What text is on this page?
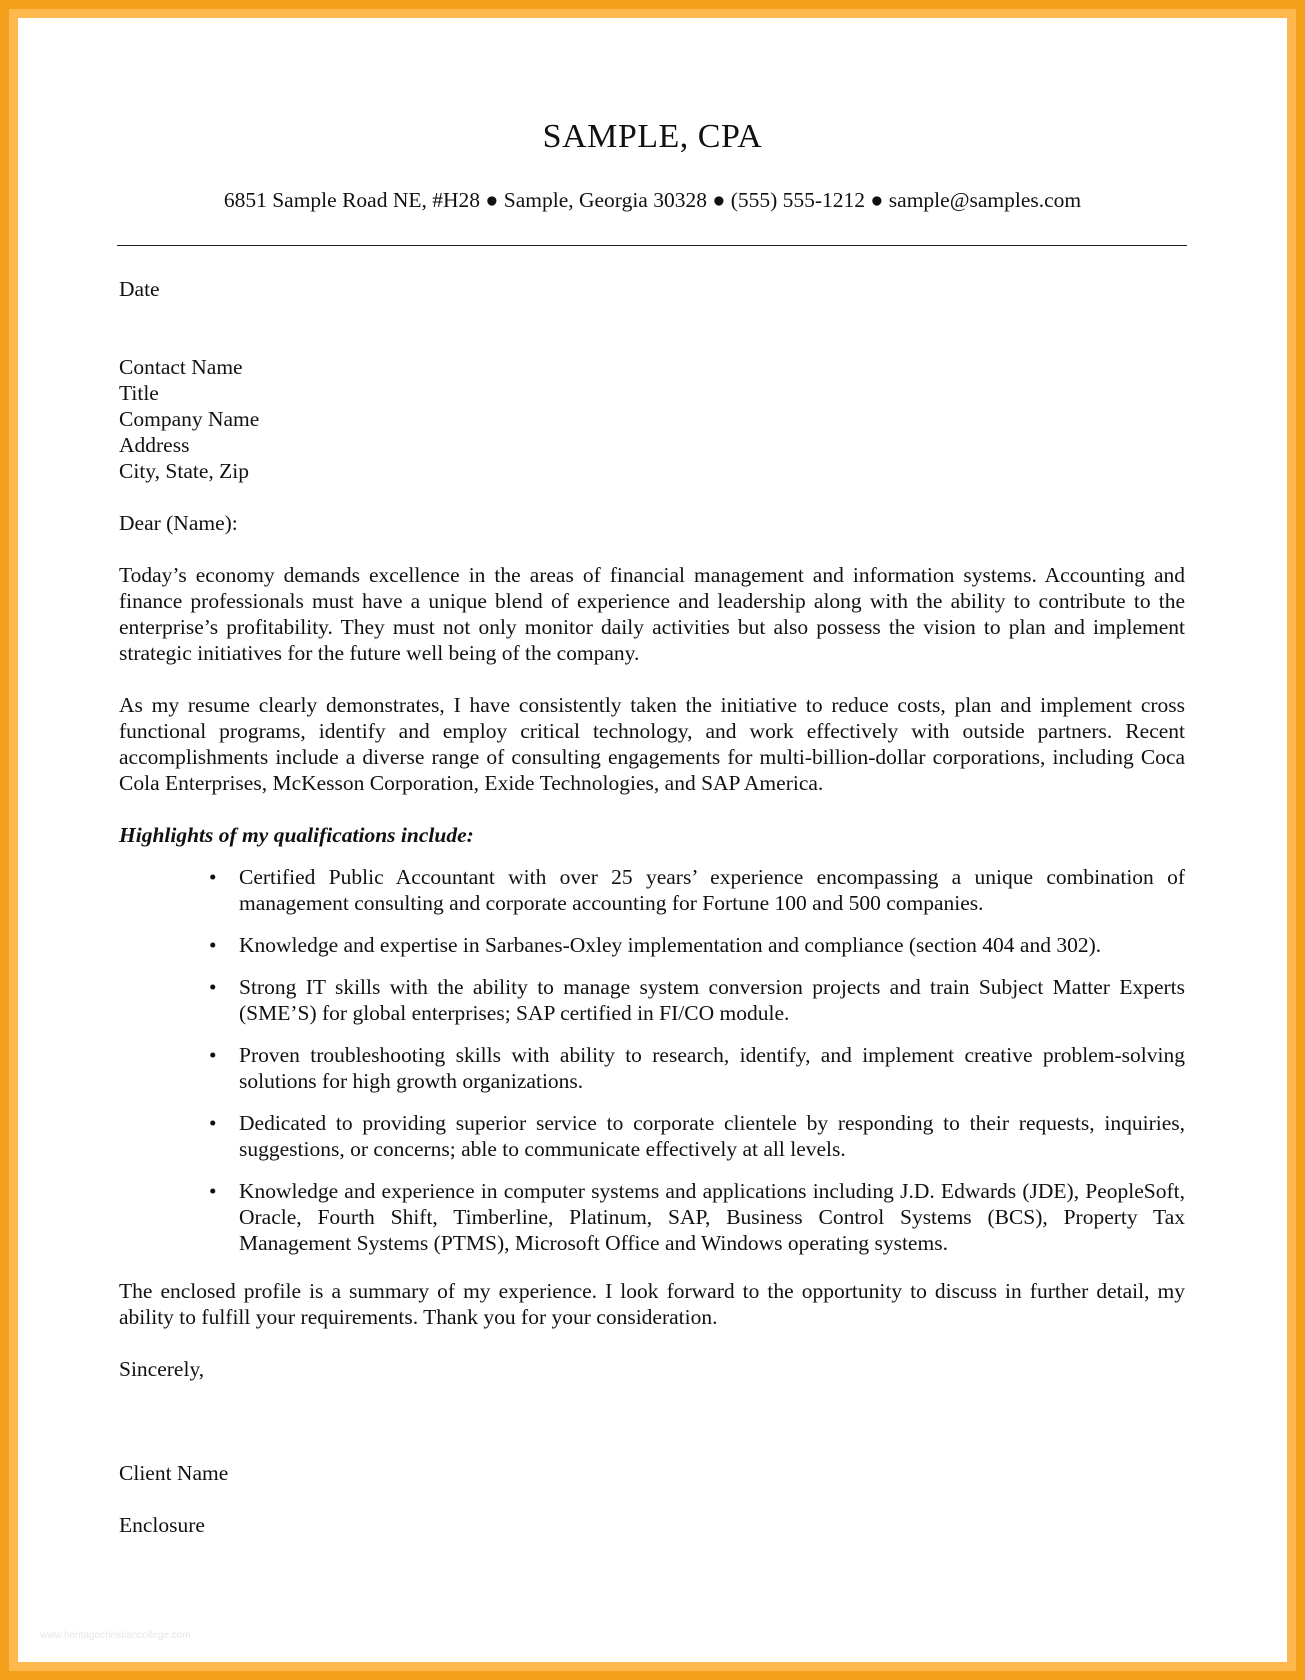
SAMPLE, CPA
6851 Sample Road NE, #H28 ● Sample, Georgia 30328 ● (555) 555-1212 ● sample@samples.com

Date

Contact Name
Title
Company Name
Address
City, State, Zip

Dear (Name):

Today’s economy demands excellence in the areas of financial management and information systems. Accounting and finance professionals must have a unique blend of experience and leadership along with the ability to contribute to the enterprise’s profitability. They must not only monitor daily activities but also possess the vision to plan and implement strategic initiatives for the future well being of the company.

As my resume clearly demonstrates, I have consistently taken the initiative to reduce costs, plan and implement cross functional programs, identify and employ critical technology, and work effectively with outside partners. Recent accomplishments include a diverse range of consulting engagements for multi-billion-dollar corporations, including Coca Cola Enterprises, McKesson Corporation, Exide Technologies, and SAP America.

Highlights of my qualifications include:

• Certified Public Accountant with over 25 years’ experience encompassing a unique combination of management consulting and corporate accounting for Fortune 100 and 500 companies.
• Knowledge and expertise in Sarbanes-Oxley implementation and compliance (section 404 and 302).
• Strong IT skills with the ability to manage system conversion projects and train Subject Matter Experts (SME’S) for global enterprises; SAP certified in FI/CO module.
• Proven troubleshooting skills with ability to research, identify, and implement creative problem-solving solutions for high growth organizations.
• Dedicated to providing superior service to corporate clientele by responding to their requests, inquiries, suggestions, or concerns; able to communicate effectively at all levels.
• Knowledge and experience in computer systems and applications including J.D. Edwards (JDE), PeopleSoft, Oracle, Fourth Shift, Timberline, Platinum, SAP, Business Control Systems (BCS), Property Tax Management Systems (PTMS), Microsoft Office and Windows operating systems.

The enclosed profile is a summary of my experience. I look forward to the opportunity to discuss in further detail, my ability to fulfill your requirements. Thank you for your consideration.

Sincerely,

Client Name

Enclosure

www.heritagechristiancollege.com
